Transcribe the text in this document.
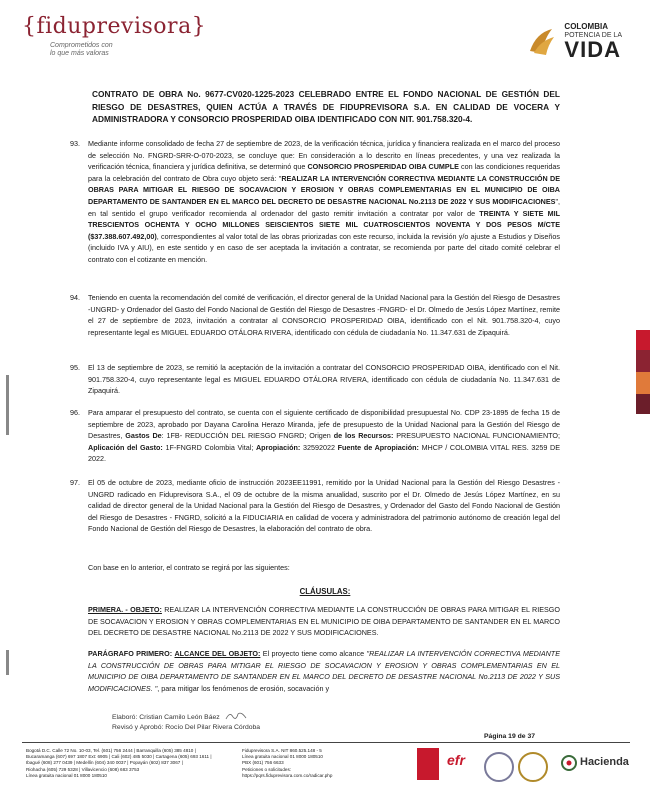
{fiduprevisora}
Comprometidos con
lo que más valoras
COLOMBIA
POTENCIA DE LA
VIDA
CONTRATO DE OBRA No. 9677-CV020-1225-2023 CELEBRADO ENTRE EL FONDO NACIONAL DE GESTIÓN DEL RIESGO DE DESASTRES, QUIEN ACTÚA A TRAVÉS DE FIDUPREVISORA S.A. EN CALIDAD DE VOCERA Y ADMINISTRADORA Y CONSORCIO PROSPERIDAD OIBA IDENTIFICADO CON NIT. 901.758.320-4.
93. Mediante informe consolidado de fecha 27 de septiembre de 2023, de la verificación técnica, jurídica y financiera realizada en el marco del proceso de selección No. FNGRD-SRR-O-070-2023, se concluye que: En consideración a lo descrito en líneas precedentes, y una vez realizada la verificación técnica, financiera y jurídica definitiva, se determinó que CONSORCIO PROSPERIDAD OIBA CUMPLE con las condiciones requeridas para la celebración del contrato de Obra cuyo objeto será: "REALIZAR LA INTERVENCIÓN CORRECTIVA MEDIANTE LA CONSTRUCCIÓN DE OBRAS PARA MITIGAR EL RIESGO DE SOCAVACION Y EROSION Y OBRAS COMPLEMENTARIAS EN EL MUNICIPIO DE OIBA DEPARTAMENTO DE SANTANDER EN EL MARCO DEL DECRETO DE DESASTRE NACIONAL No.2113 DE 2022 Y SUS MODIFICACIONES", en tal sentido el grupo verificador recomienda al ordenador del gasto remitir invitación a contratar por valor de TREINTA Y SIETE MIL TRESCIENTOS OCHENTA Y OCHO MILLONES SEISCIENTOS SIETE MIL CUATROSCIENTOS NOVENTA Y DOS PESOS M/CTE ($37.388.607.492,00), correspondientes al valor total de las obras priorizadas con este recurso, incluida la revisión y/o ajuste a Estudios y Diseños (incluido IVA y AIU), en este sentido y en caso de ser aceptada la invitación a contratar, se recomienda por parte del citado comité celebrar el contrato con el cotizante en mención.
94. Teniendo en cuenta la recomendación del comité de verificación, el director general de la Unidad Nacional para la Gestión del Riesgo de Desastres -UNGRD- y Ordenador del Gasto del Fondo Nacional de Gestión del Riesgo de Desastres -FNGRD- el Dr. Olmedo de Jesús López Martínez, remite el 27 de septiembre de 2023, invitación a contratar al CONSORCIO PROSPERIDAD OIBA, identificado con el Nit. 901.758.320-4, cuyo representante legal es MIGUEL EDUARDO OTÁLORA RIVERA, identificado con cédula de ciudadanía No. 11.347.631 de Zipaquirá.
95. El 13 de septiembre de 2023, se remitió la aceptación de la invitación a contratar del CONSORCIO PROSPERIDAD OIBA, identificado con el Nit. 901.758.320-4, cuyo representante legal es MIGUEL EDUARDO OTÁLORA RIVERA, identificado con cédula de ciudadanía No. 11.347.631 de Zipaquirá.
96. Para amparar el presupuesto del contrato, se cuenta con el siguiente certificado de disponibilidad presupuestal No. CDP 23-1895 de fecha 15 de septiembre de 2023, aprobado por Dayana Carolina Herazo Miranda, jefe de presupuesto de la Unidad Nacional para la Gestión del Riesgo de Desastres, Gastos De: 1FB- REDUCCIÓN DEL RIESGO FNGRD; Origen de los Recursos: PRESUPUESTO NACIONAL FUNCIONAMIENTO; Aplicación del Gasto: 1F-FNGRD Colombia Vital; Apropiación: 32592022 Fuente de Apropiación: MHCP / COLOMBIA VITAL RES. 3259 DE 2022.
97. El 05 de octubre de 2023, mediante oficio de instrucción 2023EE11991, remitido por la Unidad Nacional para la Gestión del Riesgo Desastres - UNGRD radicado en Fiduprevisora S.A., el 09 de octubre de la misma anualidad, suscrito por el Dr. Olmedo de Jesús López Martínez, en su calidad de director general de la Unidad Nacional para la Gestión del Riesgo de Desastres, y Ordenador del Gasto del Fondo Nacional de Gestión del Riesgo de Desastres - FNGRD, solicitó a la FIDUCIARIA en calidad de vocera y administradora del patrimonio autónomo de creación legal del Fondo Nacional de Gestión del Riesgo de Desastres, la elaboración del contrato de obra.
Con base en lo anterior, el contrato se regirá por las siguientes:
CLÁUSULAS:
PRIMERA. - OBJETO: REALIZAR LA INTERVENCIÓN CORRECTIVA MEDIANTE LA CONSTRUCCIÓN DE OBRAS PARA MITIGAR EL RIESGO DE SOCAVACION Y EROSION Y OBRAS COMPLEMENTARIAS EN EL MUNICIPIO DE OIBA DEPARTAMENTO DE SANTANDER EN EL MARCO DEL DECRETO DE DESASTRE NACIONAL No.2113 DE 2022 Y SUS MODIFICACIONES.
PARÁGRAFO PRIMERO: ALCANCE DEL OBJETO: El proyecto tiene como alcance "REALIZAR LA INTERVENCIÓN CORRECTIVA MEDIANTE LA CONSTRUCCIÓN DE OBRAS PARA MITIGAR EL RIESGO DE SOCAVACION Y EROSION Y OBRAS COMPLEMENTARIAS EN EL MUNICIPIO DE OIBA DEPARTAMENTO DE SANTANDER EN EL MARCO DEL DECRETO DE DESASTRE NACIONAL No.2113 DE 2022 Y SUS MODIFICACIONES. ", para mitigar los fenómenos de erosión, socavación y
Elaboró: Cristian Camilo León Báez
Revisó y Aprobó: Rocío Del Pilar Rivera Córdoba
Página 19 de 37
Bogotá D.C. Calle 72 No. 10-03, Tel. (601) 756 2444 | Barranquilla (605) 385 4810 |
Bucaramanga (607) 697 1807 Ext: 6905 | Cali (602) 485 5030 | Cartagena (605) 693 1611 |
Ibagué (608) 277 0439 | Medellín (604) 340 0037 | Popayán (602) 837 3067 |
Riohacha (605) 729 5328 | Villavicencio (608) 683 3753
Línea gratuita nacional 01 8000 180510
Fiduprevisora S.A. NIT 860.525.148 - 5
Línea gratuita nacional 01 8000 180510
PBX (601) 756 6633
Peticiones o solicitudes:
https://pqrs.fiduprevisora.com.co/radicar.php
efr	Hacienda
